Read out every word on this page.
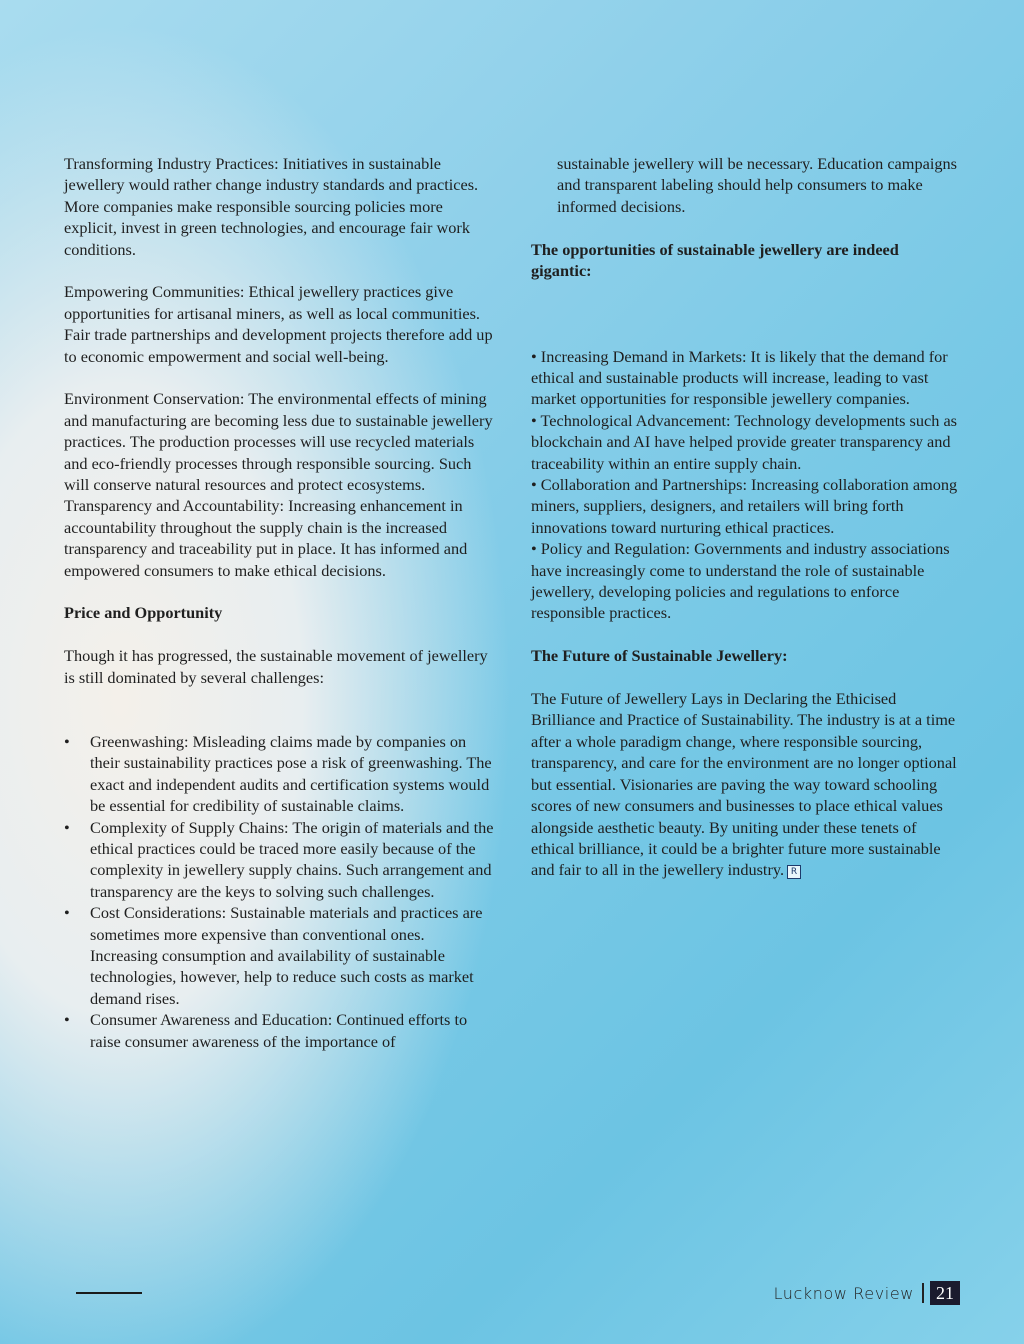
Transforming Industry Practices: Initiatives in sustainable jewellery would rather change industry standards and practices. More companies make responsible sourcing policies more explicit, invest in green technologies, and encourage fair work conditions.

Empowering Communities: Ethical jewellery practices give opportunities for artisanal miners, as well as local communities. Fair trade partnerships and development projects therefore add up to economic empowerment and social well-being.

Environment Conservation: The environmental effects of mining and manufacturing are becoming less due to sustainable jewellery practices. The production processes will use recycled materials and eco-friendly processes through responsible sourcing. Such will conserve natural resources and protect ecosystems. Transparency and Accountability: Increasing enhancement in accountability throughout the supply chain is the increased transparency and traceability put in place. It has informed and empowered consumers to make ethical decisions.

Price and Opportunity

Though it has progressed, the sustainable movement of jewellery is still dominated by several challenges:

• Greenwashing: Misleading claims made by companies on their sustainability practices pose a risk of greenwashing. The exact and independent audits and certification systems would be essential for credibility of sustainable claims.
• Complexity of Supply Chains: The origin of materials and the ethical practices could be traced more easily because of the complexity in jewellery supply chains. Such arrangement and transparency are the keys to solving such challenges.
• Cost Considerations: Sustainable materials and practices are sometimes more expensive than conventional ones. Increasing consumption and availability of sustainable technologies, however, help to reduce such costs as market demand rises.
• Consumer Awareness and Education: Continued efforts to raise consumer awareness of the importance of

sustainable jewellery will be necessary. Education campaigns and transparent labeling should help consumers to make informed decisions.

The opportunities of sustainable jewellery are indeed gigantic:

• Increasing Demand in Markets: It is likely that the demand for ethical and sustainable products will increase, leading to vast market opportunities for responsible jewellery companies.

• Technological Advancement: Technology developments such as blockchain and AI have helped provide greater transparency and traceability within an entire supply chain.

• Collaboration and Partnerships: Increasing collaboration among miners, suppliers, designers, and retailers will bring forth innovations toward nurturing ethical practices.

• Policy and Regulation: Governments and industry associations have increasingly come to understand the role of sustainable jewellery, developing policies and regulations to enforce responsible practices.

The Future of Sustainable Jewellery:

The Future of Jewellery Lays in Declaring the Ethicised Brilliance and Practice of Sustainability. The industry is at a time after a whole paradigm change, where responsible sourcing, transparency, and care for the environment are no longer optional but essential. Visionaries are paving the way toward schooling scores of new consumers and businesses to place ethical values alongside aesthetic beauty. By uniting under these tenets of ethical brilliance, it could be a brighter future more sustainable and fair to all in the jewellery industry. R

Lucknow Review	21
